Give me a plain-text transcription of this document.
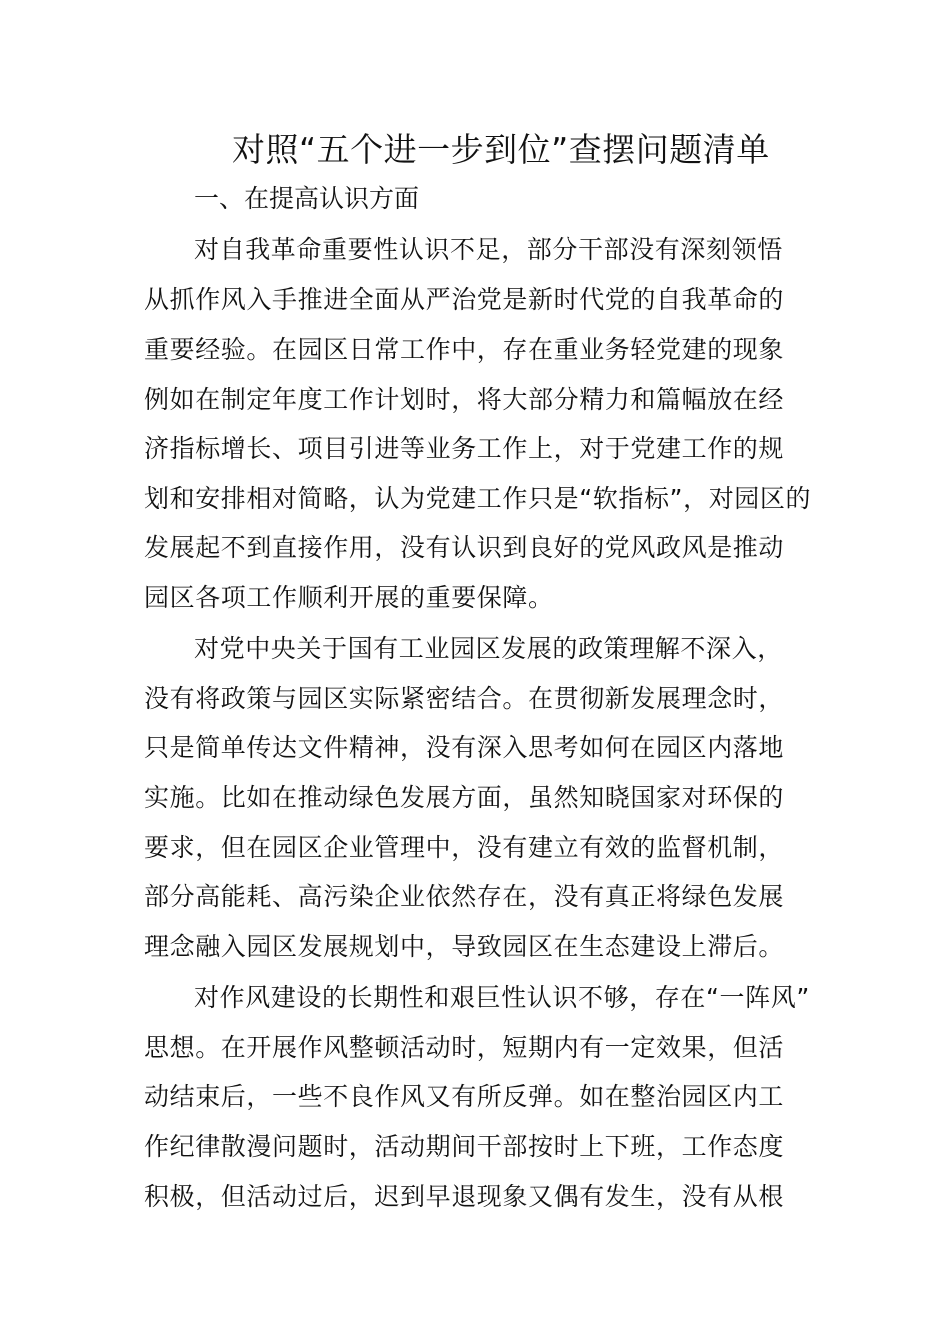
对照“五个进一步到位”查摆问题清单
一、在提高认识方面
对自我革命重要性认识不足，部分干部没有深刻领悟
从抓作风入手推进全面从严治党是新时代党的自我革命的
重要经验。在园区日常工作中，存在重业务轻党建的现象
例如在制定年度工作计划时，将大部分精力和篇幅放在经
济指标增长、项目引进等业务工作上，对于党建工作的规
划和安排相对简略，认为党建工作只是“软指标”，对园区的
发展起不到直接作用，没有认识到良好的党风政风是推动
园区各项工作顺利开展的重要保障。
对党中央关于国有工业园区发展的政策理解不深入，
没有将政策与园区实际紧密结合。在贯彻新发展理念时，
只是简单传达文件精神，没有深入思考如何在园区内落地
实施。比如在推动绿色发展方面，虽然知晓国家对环保的
要求，但在园区企业管理中，没有建立有效的监督机制，
部分高能耗、高污染企业依然存在，没有真正将绿色发展
理念融入园区发展规划中，导致园区在生态建设上滞后。
对作风建设的长期性和艰巨性认识不够，存在“一阵风”
思想。在开展作风整顿活动时，短期内有一定效果，但活
动结束后，一些不良作风又有所反弹。如在整治园区内工
作纪律散漫问题时，活动期间干部按时上下班，工作态度
积极，但活动过后，迟到早退现象又偶有发生，没有从根
